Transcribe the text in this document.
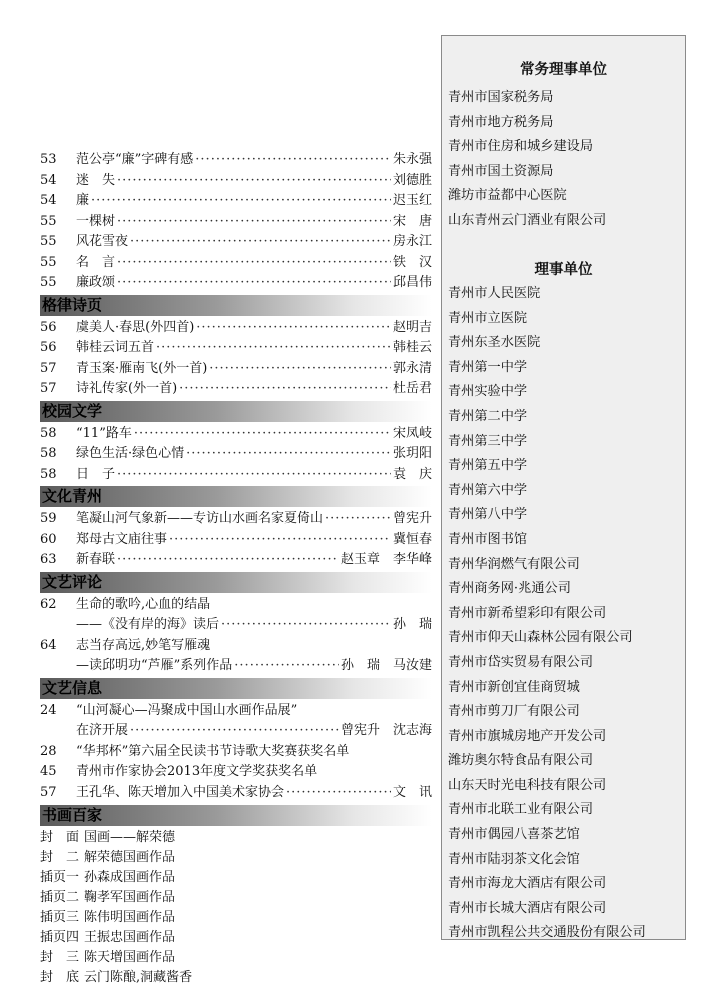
53	范公亭“廉”字碑有感 ·····	朱永强
54	迷　失 ·····	刘德胜
54	廉 ·····	迟玉红
55	一棵树 ·····	宋　唐
55	风花雪夜 ·····	房永江
55	名　言 ·····	铁　汉
55	廉政颂 ·····	邱昌伟
格律诗页
56	虞美人·春思(外四首) ·····	赵明吉
56	韩桂云词五首 ·····	韩桂云
57	青玉案·雁南飞(外一首) ·····	郭永清
57	诗礼传家(外一首) ·····	杜岳君
校园文学
58	“11”路车 ·····	宋凤岐
58	绿色生活·绿色心情 ·····	张玥阳
58	日　子 ·····	袁　庆
文化青州
59	笔凝山河气象新——专访山水画名家夏倚山 ·····	曾宪升
60	郑母古文庙往事 ·····	冀恒春
63	新春联 ·····	赵玉章　李华峰
文艺评论
62	生命的歌吟,心血的结晶
——《没有岸的海》读后 ·····	孙　瑞
64	志当存高远,妙笔写雁魂
—读邱明功“芦雁”系列作品 ·····	孙　瑞　马汝建
文艺信息
24	“山河凝心—冯聚成中国山水画作品展”
在济开展 ·····	曾宪升　沈志海
28	“华邦杯”第六届全民读书节诗歌大奖赛获奖名单
45	青州市作家协会2013年度文学奖获奖名单
57	王孔华、陈天增加入中国美术家协会 ·····	文　讯
书画百家
封　面 国画——解荣德
封　二 解荣德国画作品
插页一 孙森成国画作品
插页二 鞠孝军国画作品
插页三 陈伟明国画作品
插页四 王振忠国画作品
封　三 陈天增国画作品
封　底 云门陈酿,洞藏酱香
常务理事单位
青州市国家税务局
青州市地方税务局
青州市住房和城乡建设局
青州市国土资源局
潍坊市益都中心医院
山东青州云门酒业有限公司
理事单位
青州市人民医院
青州市立医院
青州东圣水医院
青州第一中学
青州实验中学
青州第二中学
青州第三中学
青州第五中学
青州第六中学
青州第八中学
青州市图书馆
青州华润燃气有限公司
青州商务网·兆通公司
青州市新希望彩印有限公司
青州市仰天山森林公园有限公司
青州市岱实贸易有限公司
青州市新创宜佳商贸城
青州市剪刀厂有限公司
青州市旗城房地产开发公司
潍坊奥尔特食品有限公司
山东天时光电科技有限公司
青州市北联工业有限公司
青州市偶园八喜茶艺馆
青州市陆羽茶文化会馆
青州市海龙大酒店有限公司
青州市长城大酒店有限公司
青州市凯程公共交通股份有限公司
